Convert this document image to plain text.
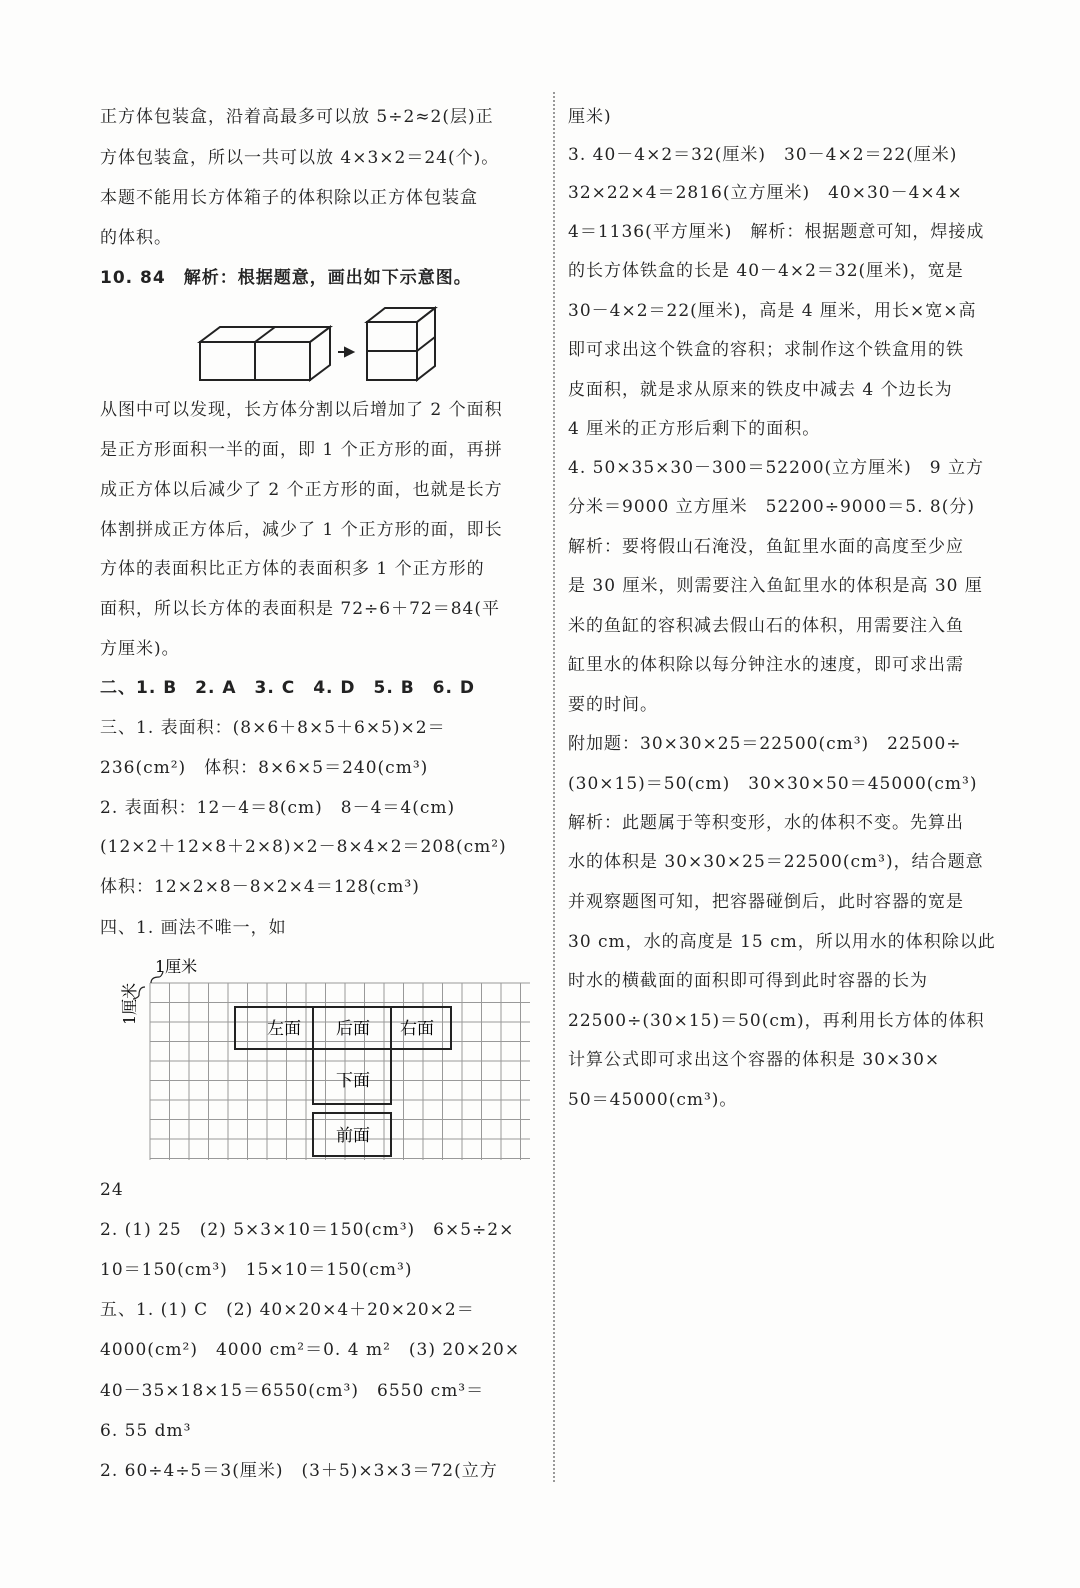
正方体包装盒，沿着高最多可以放 5÷2≈2(层)正
方体包装盒，所以一共可以放 4×3×2＝24(个)。
本题不能用长方体箱子的体积除以正方体包装盒
的体积。
10. 84　解析：根据题意，画出如下示意图。
从图中可以发现，长方体分割以后增加了 2 个面积
是正方形面积一半的面，即 1 个正方形的面，再拼
成正方体以后减少了 2 个正方形的面，也就是长方
体割拼成正方体后，减少了 1 个正方形的面，即长
方体的表面积比正方体的表面积多 1 个正方形的
面积，所以长方体的表面积是 72÷6＋72＝84(平
方厘米)。
二、1. B　2. A　3. C　4. D　5. B　6. D
三、1. 表面积：(8×6＋8×5＋6×5)×2＝
236(cm²)　体积：8×6×5＝240(cm³)
2. 表面积：12－4＝8(cm)　8－4＝4(cm)
(12×2＋12×8＋2×8)×2－8×4×2＝208(cm²)
体积：12×2×8－8×2×4＝128(cm³)
四、1. 画法不唯一，如
左面 后面 右面
下面
前面
1厘米
1厘米
24
2. (1) 25　(2) 5×3×10＝150(cm³)　6×5÷2×
10＝150(cm³)　15×10＝150(cm³)
五、1. (1) C　(2) 40×20×4＋20×20×2＝
4000(cm²)　4000 cm²＝0. 4 m²　(3) 20×20×
40－35×18×15＝6550(cm³)　6550 cm³＝
6. 55 dm³
2. 60÷4÷5＝3(厘米)　(3＋5)×3×3＝72(立方
厘米)
3. 40－4×2＝32(厘米)　30－4×2＝22(厘米)
32×22×4＝2816(立方厘米)　40×30－4×4×
4＝1136(平方厘米)　解析：根据题意可知，焊接成
的长方体铁盒的长是 40－4×2＝32(厘米)，宽是
30－4×2＝22(厘米)，高是 4 厘米，用长×宽×高
即可求出这个铁盒的容积；求制作这个铁盒用的铁
皮面积，就是求从原来的铁皮中减去 4 个边长为
4 厘米的正方形后剩下的面积。
4. 50×35×30－300＝52200(立方厘米)　9 立方
分米＝9000 立方厘米　52200÷9000＝5. 8(分)
解析：要将假山石淹没，鱼缸里水面的高度至少应
是 30 厘米，则需要注入鱼缸里水的体积是高 30 厘
米的鱼缸的容积减去假山石的体积，用需要注入鱼
缸里水的体积除以每分钟注水的速度，即可求出需
要的时间。
附加题：30×30×25＝22500(cm³)　22500÷
(30×15)＝50(cm)　30×30×50＝45000(cm³)
解析：此题属于等积变形，水的体积不变。先算出
水的体积是 30×30×25＝22500(cm³)，结合题意
并观察题图可知，把容器碰倒后，此时容器的宽是
30 cm，水的高度是 15 cm，所以用水的体积除以此
时水的横截面的面积即可得到此时容器的长为
22500÷(30×15)＝50(cm)，再利用长方体的体积
计算公式即可求出这个容器的体积是 30×30×
50＝45000(cm³)。
